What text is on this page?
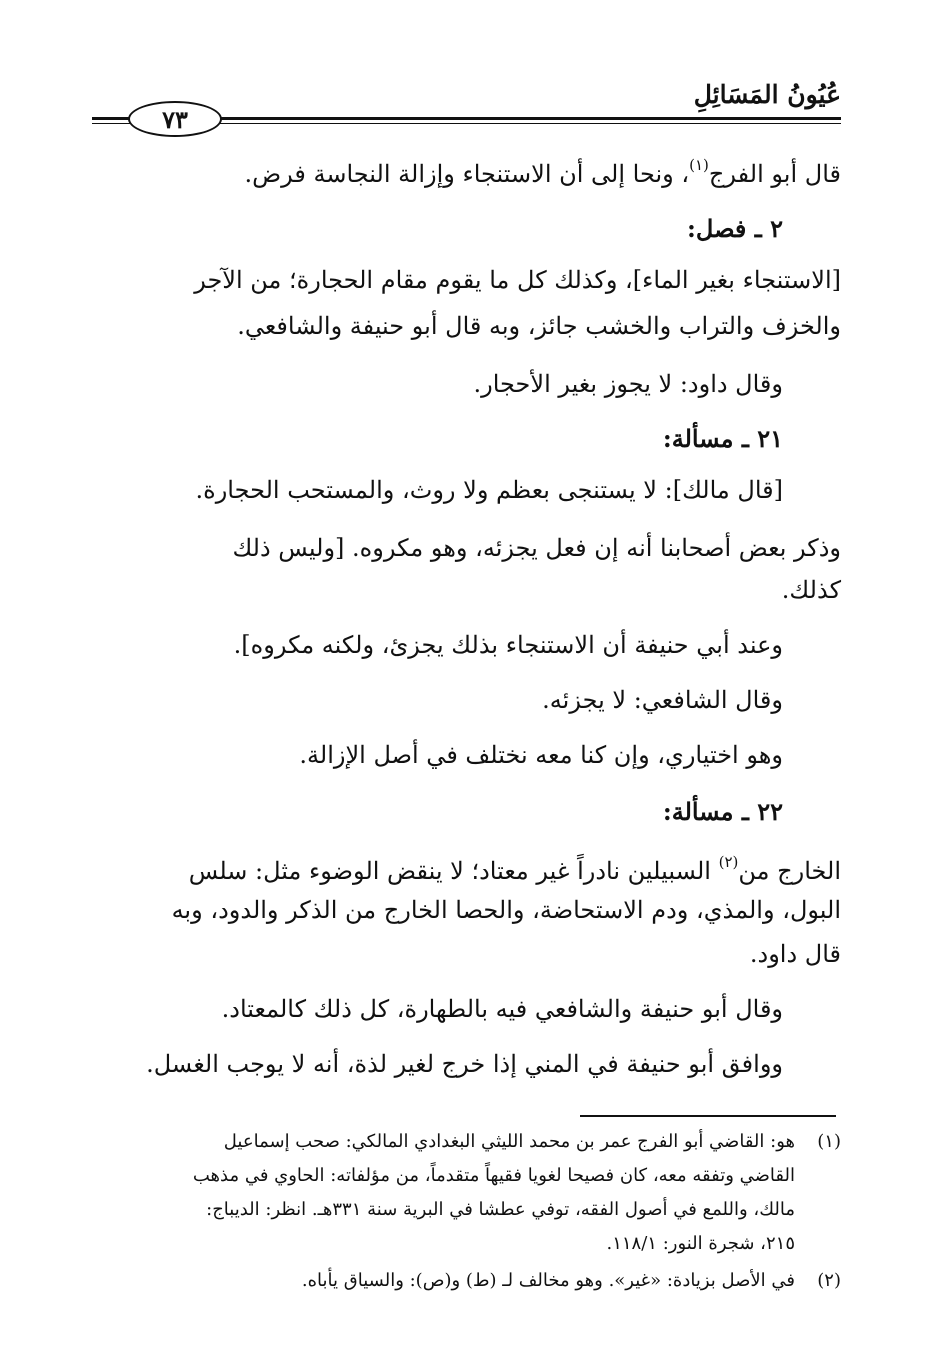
عُيُونُ المَسَائِلِ
٧٣
قال أبو الفرج$^{(١)}$، ونحا إلى أن الاستنجاء وإزالة النجاسة فرض.
٢ ـ فصل:
[الاستنجاء بغير الماء]، وكذلك كل ما يقوم مقام الحجارة؛ من الآجر
والخزف والتراب والخشب جائز، وبه قال أبو حنيفة والشافعي.
وقال داود: لا يجوز بغير الأحجار.
٢١ ـ مسألة:
[قال مالك]: لا يستنجى بعظم ولا روث، والمستحب الحجارة.
وذكر بعض أصحابنا أنه إن فعل يجزئه، وهو مكروه. [وليس ذلك
كذلك.
وعند أبي حنيفة أن الاستنجاء بذلك يجزئ، ولكنه مكروه].
وقال الشافعي: لا يجزئه.
وهو اختياري، وإن كنا معه نختلف في أصل الإزالة.
٢٢ ـ مسألة:
الخارج من$^{(٢)}$ السبيلين نادراً غير معتاد؛ لا ينقض الوضوء مثل: سلس
البول، والمذي، ودم الاستحاضة، والحصا الخارج من الذكر والدود، وبه
قال داود.
وقال أبو حنيفة والشافعي فيه بالطهارة، كل ذلك كالمعتاد.
ووافق أبو حنيفة في المني إذا خرج لغير لذة، أنه لا يوجب الغسل.
(١)
هو: القاضي أبو الفرج عمر بن محمد الليثي البغدادي المالكي: صحب إسماعيل
القاضي وتفقه معه، كان فصيحا لغويا فقيهاً متقدماً، من مؤلفاته: الحاوي في مذهب
مالك، واللمع في أصول الفقه، توفي عطشا في البرية سنة ٣٣١هـ. انظر: الديباج:
٢١٥، شجرة النور: ١١٨/١.
(٢)
في الأصل بزيادة: «غير». وهو مخالف لـ (ط) و(ص): والسياق يأباه.
